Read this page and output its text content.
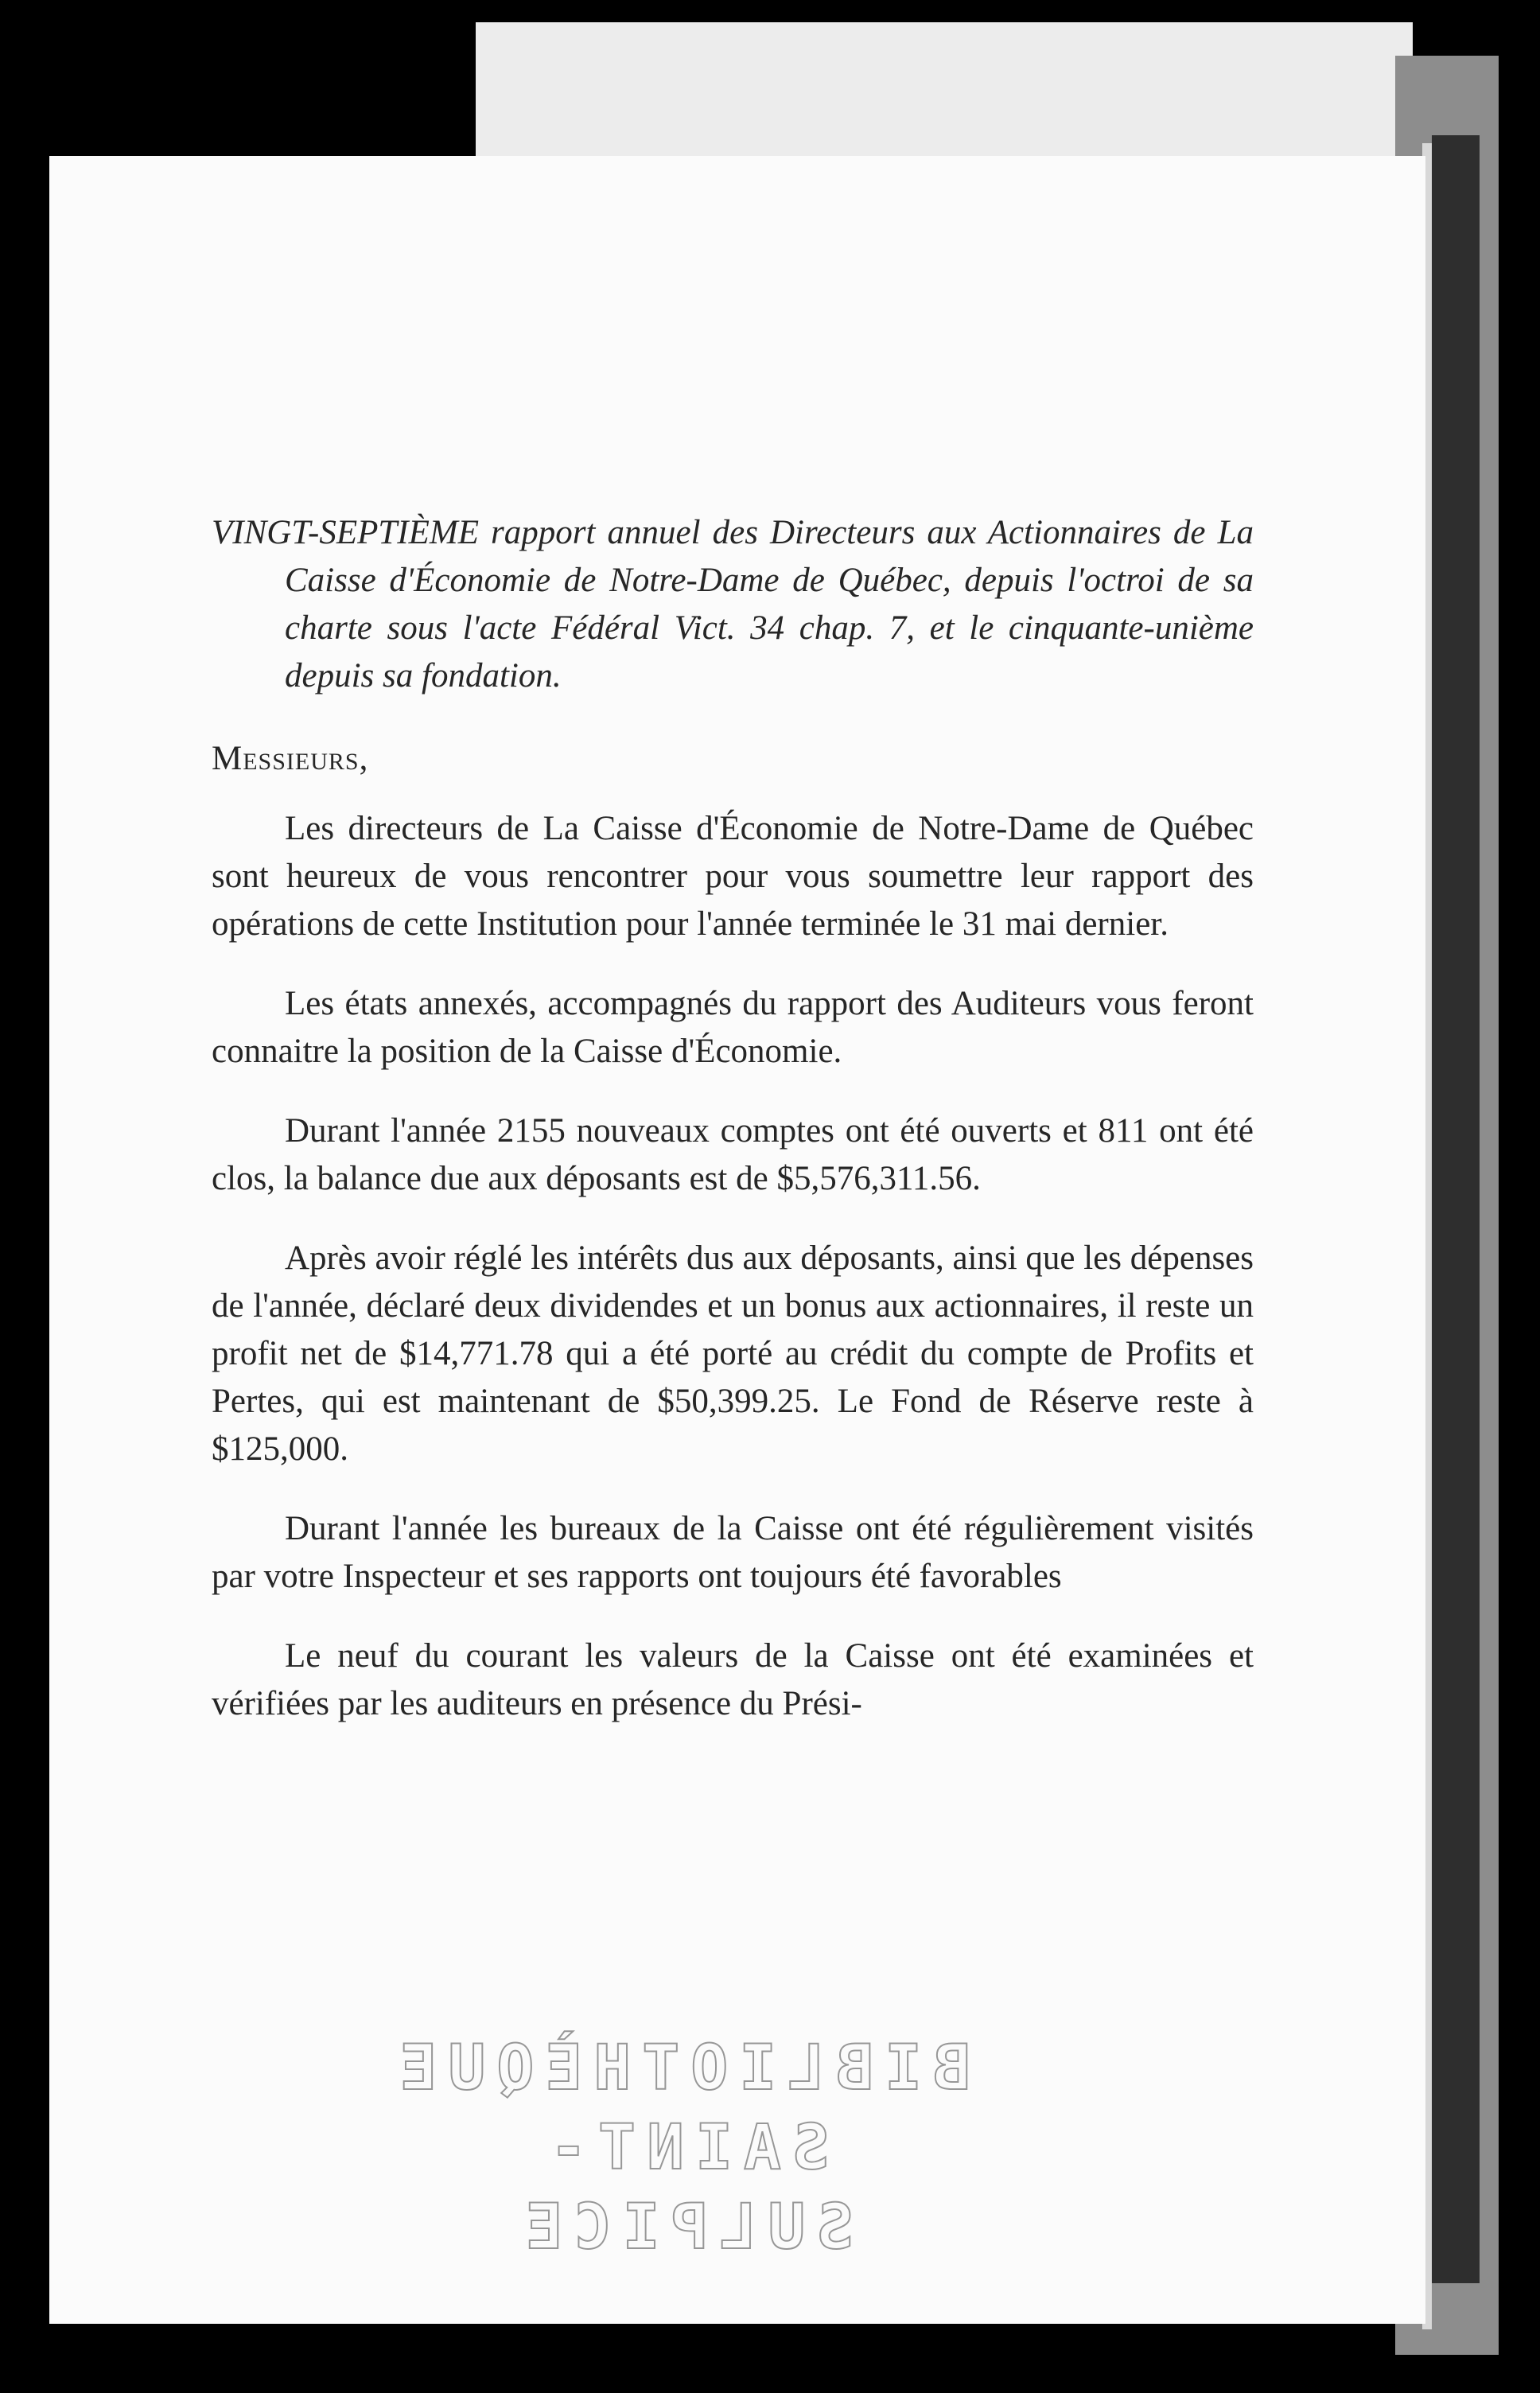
VINGT-SEPTIÈME rapport annuel des Directeurs aux Actionnaires de La Caisse d'Économie de Notre-Dame de Québec, depuis l'octroi de sa charte sous l'acte Fédéral Vict. 34 chap. 7, et le cinquante-unième depuis sa fondation.

Messieurs,

Les directeurs de La Caisse d'Économie de Notre-Dame de Québec sont heureux de vous rencontrer pour vous soumettre leur rapport des opérations de cette Institution pour l'année terminée le 31 mai dernier.

Les états annexés, accompagnés du rapport des Auditeurs vous feront connaitre la position de la Caisse d'Économie.

Durant l'année 2155 nouveaux comptes ont été ouverts et 811 ont été clos, la balance due aux déposants est de $5,576,311.56.

Après avoir réglé les intérêts dus aux déposants, ainsi que les dépenses de l'année, déclaré deux dividendes et un bonus aux actionnaires, il reste un profit net de $14,771.78 qui a été porté au crédit du compte de Profits et Pertes, qui est maintenant de $50,399.25. Le Fond de Réserve reste à $125,000.

Durant l'année les bureaux de la Caisse ont été régulièrement visités par votre Inspecteur et ses rapports ont toujours été favorables

Le neuf du courant les valeurs de la Caisse ont été examinées et vérifiées par les auditeurs en présence du Prési-

BIBLIOTHÈQUE
SAINT-SULPICE
